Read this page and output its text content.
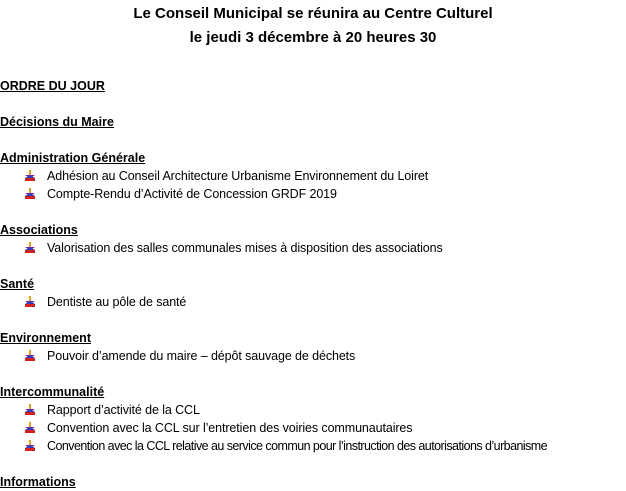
Le Conseil Municipal se réunira au Centre Culturel
le jeudi 3 décembre à 20 heures 30
ORDRE DU JOUR
Décisions du Maire
Administration Générale
Adhésion au Conseil Architecture Urbanisme Environnement du Loiret
Compte-Rendu d’Activité de Concession GRDF 2019
Associations
Valorisation des salles communales mises à disposition des associations
Santé
Dentiste au pôle de santé
Environnement
Pouvoir d’amende du maire – dépôt sauvage de déchets
Intercommunalité
Rapport d’activité de la CCL
Convention avec la CCL sur l’entretien des voiries communautaires
Convention avec la CCL relative au service commun pour l’instruction des autorisations d’urbanisme
Informations
